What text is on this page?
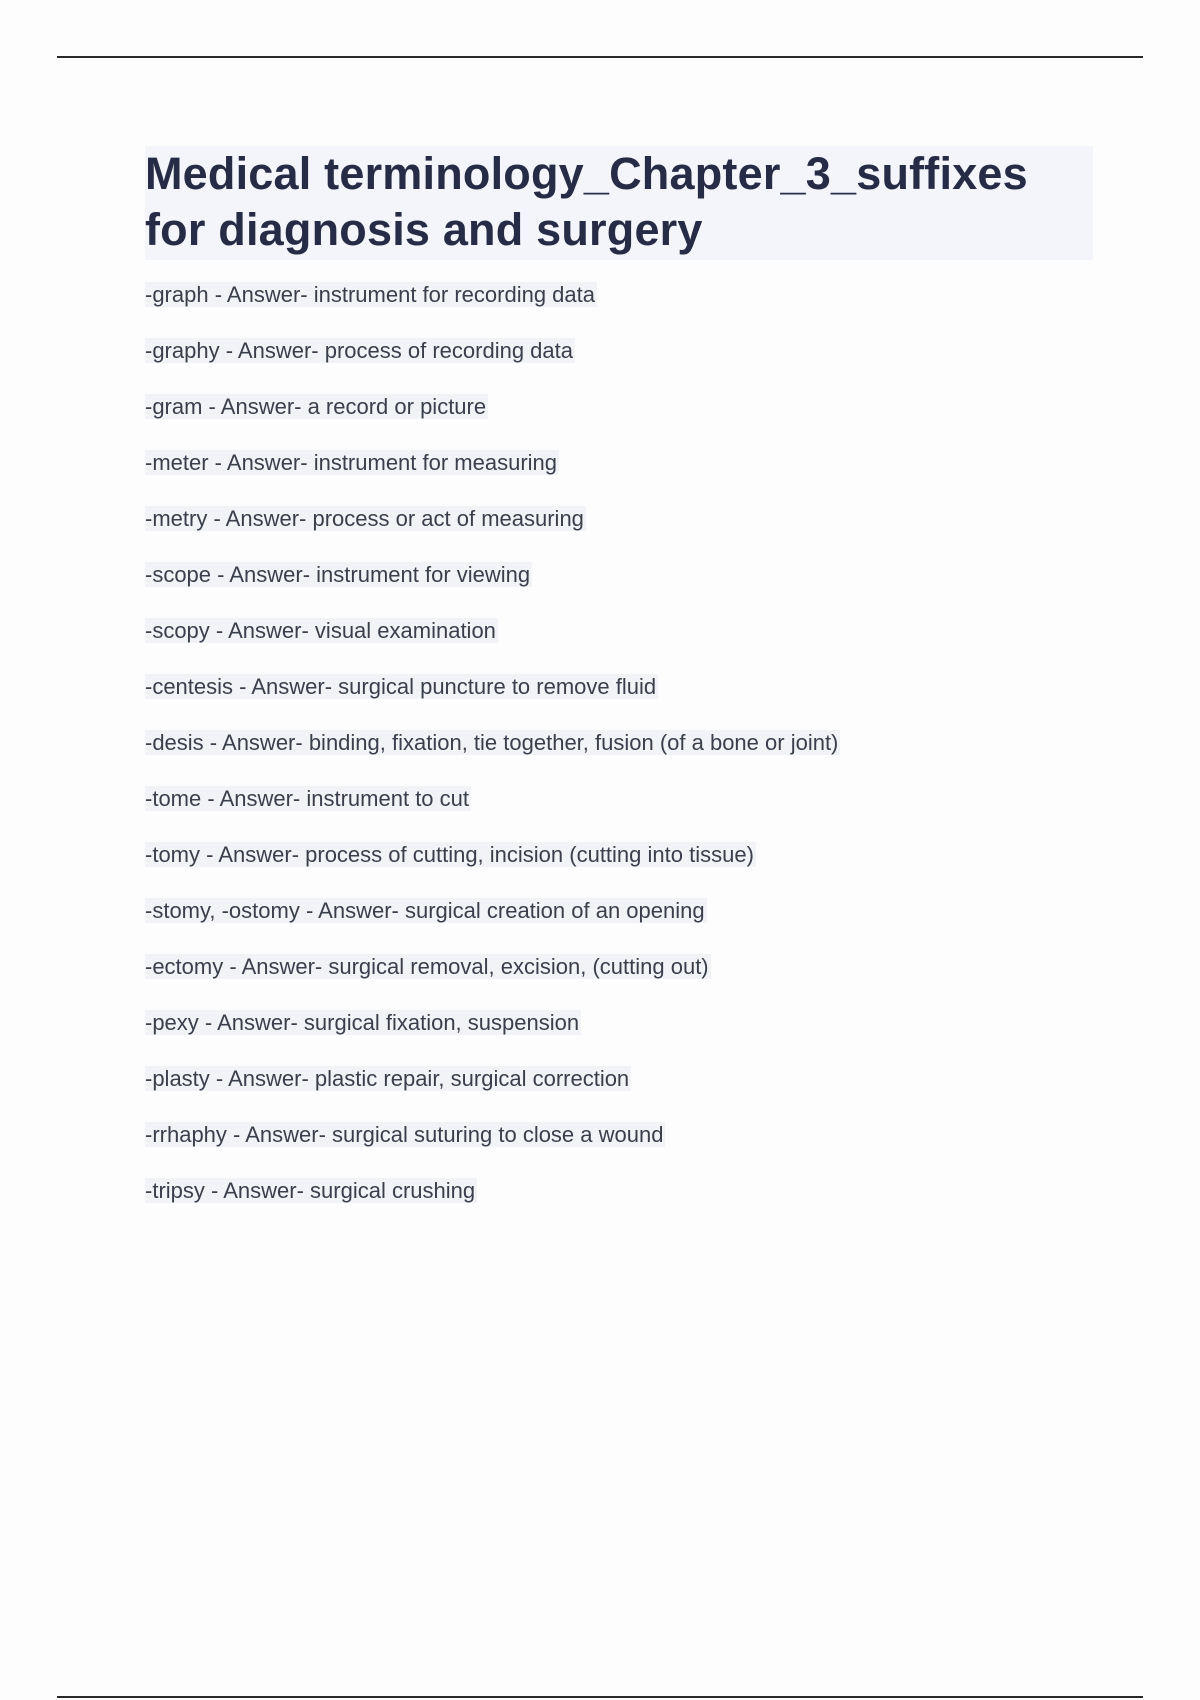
Medical terminology_Chapter_3_suffixes for diagnosis and surgery
-graph - Answer- instrument for recording data
-graphy - Answer- process of recording data
-gram - Answer- a record or picture
-meter - Answer- instrument for measuring
-metry - Answer- process or act of measuring
-scope - Answer- instrument for viewing
-scopy - Answer- visual examination
-centesis - Answer- surgical puncture to remove fluid
-desis - Answer- binding, fixation, tie together, fusion (of a bone or joint)
-tome - Answer- instrument to cut
-tomy - Answer- process of cutting, incision (cutting into tissue)
-stomy, -ostomy - Answer- surgical creation of an opening
-ectomy - Answer- surgical removal, excision, (cutting out)
-pexy - Answer- surgical fixation, suspension
-plasty - Answer- plastic repair, surgical correction
-rrhaphy - Answer- surgical suturing to close a wound
-tripsy - Answer- surgical crushing
